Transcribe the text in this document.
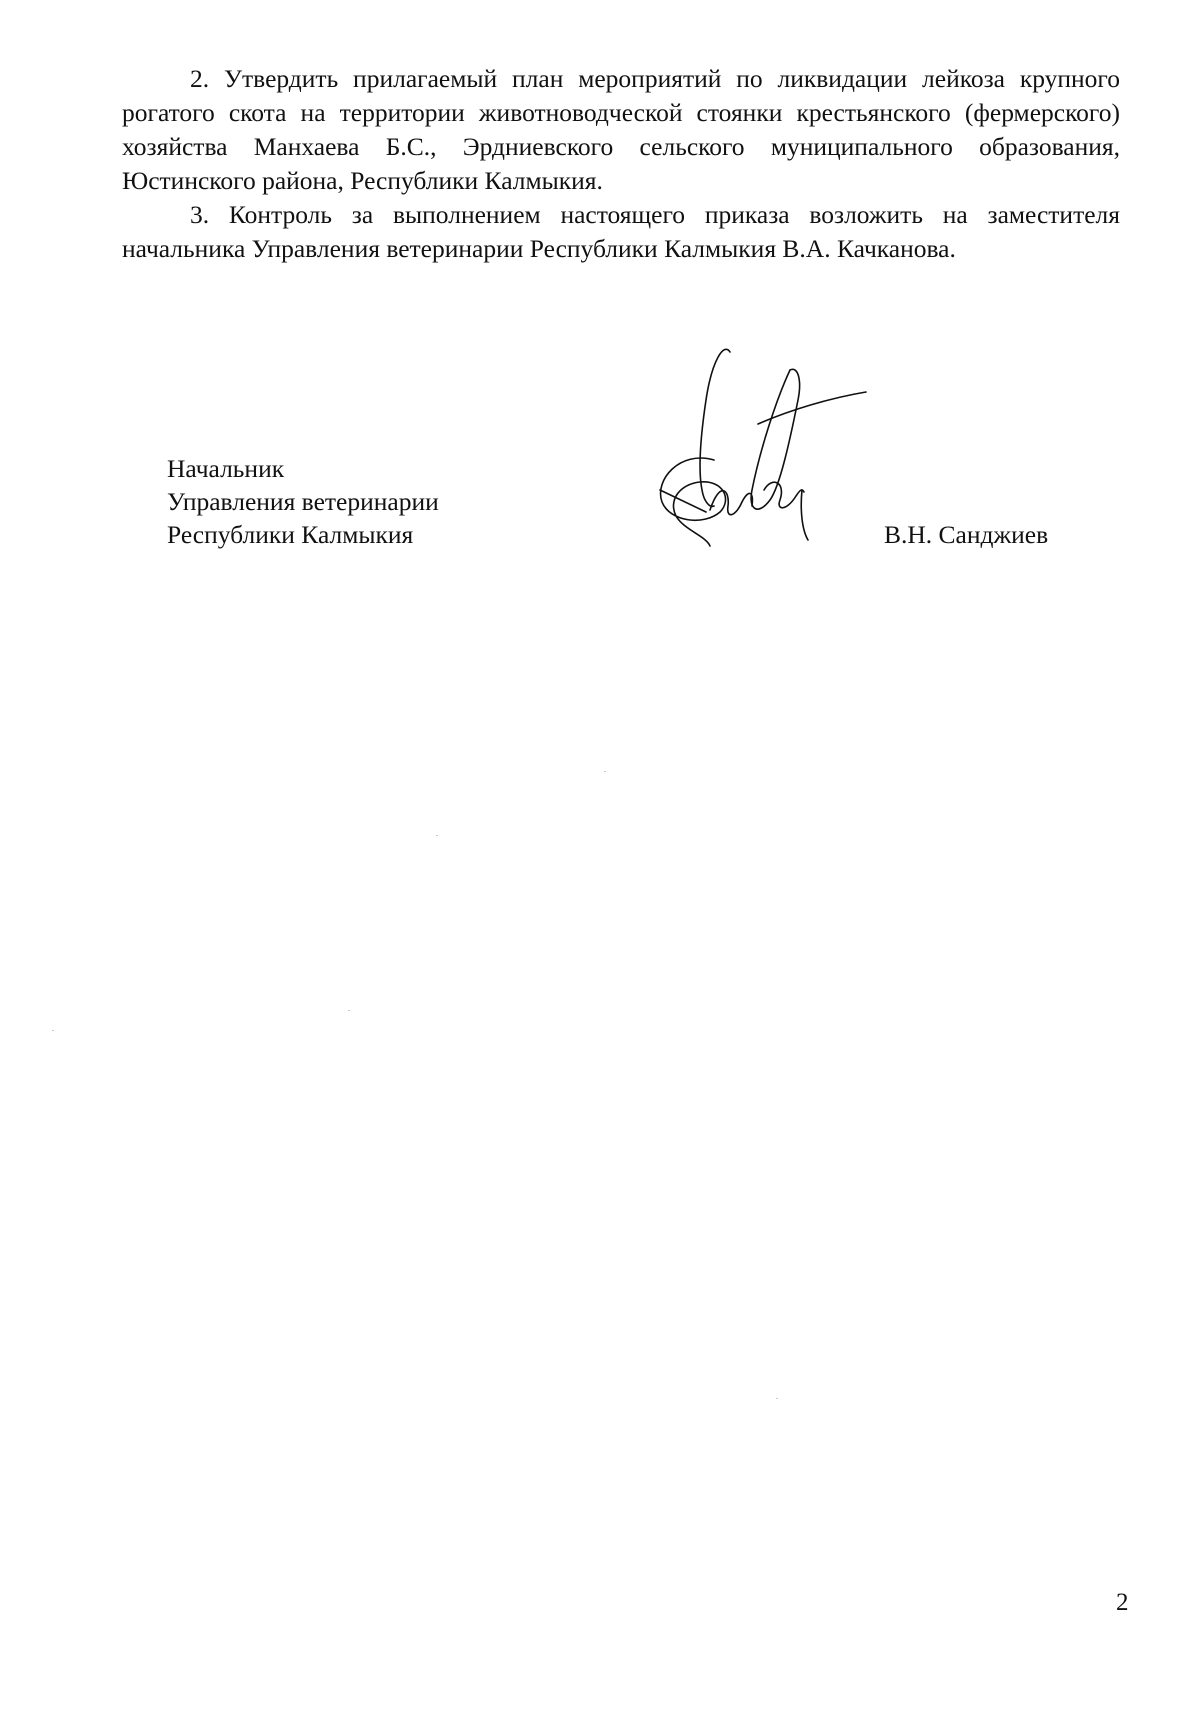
2. Утвердить прилагаемый план мероприятий по ликвидации лейкоза крупного рогатого скота на территории животноводческой стоянки крестьянского (фермерского) хозяйства Манхаева Б.С., Эрдниевского сельского муниципального образования, Юстинского района, Республики Калмыкия.

3. Контроль за выполнением настоящего приказа возложить на заместителя начальника Управления ветеринарии Республики Калмыкия В.А. Качканова.

Начальник
Управления ветеринарии
Республики Калмыкия	В.Н. Санджиев
2
